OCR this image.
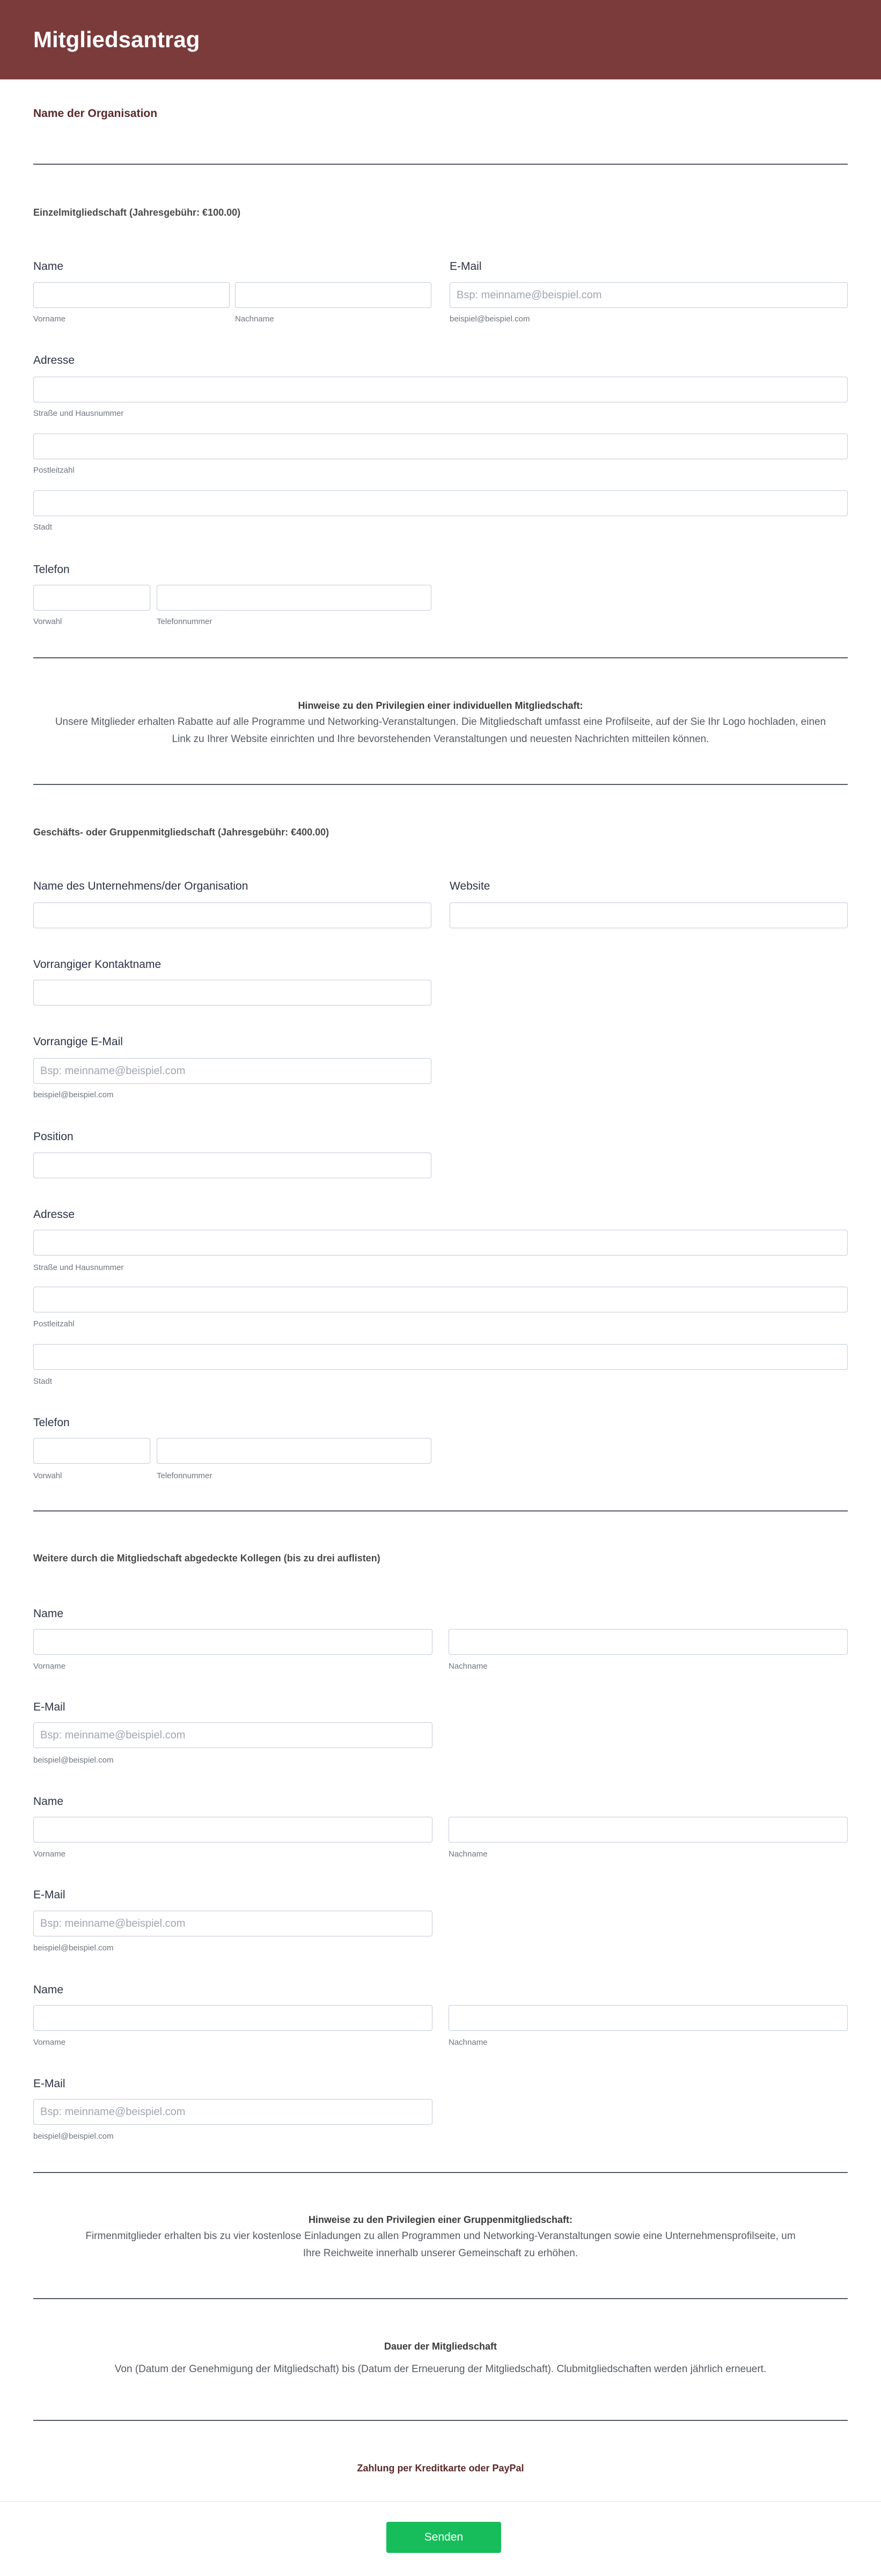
Mitgliedsantrag
Name der Organisation
Einzelmitgliedschaft (Jahresgebühr: €100.00)
Name
Vorname	Nachname
E-Mail
Bsp: meinname@beispiel.com
beispiel@beispiel.com
Adresse
Straße und Hausnummer
Postleitzahl
Stadt
Telefon
Vorwahl	Telefonnummer
Hinweise zu den Privilegien einer individuellen Mitgliedschaft:
Unsere Mitglieder erhalten Rabatte auf alle Programme und Networking-Veranstaltungen. Die Mitgliedschaft umfasst eine Profilseite, auf der Sie Ihr Logo hochladen, einen Link zu Ihrer Website einrichten und Ihre bevorstehenden Veranstaltungen und neuesten Nachrichten mitteilen können.
Geschäfts- oder Gruppenmitgliedschaft (Jahresgebühr: €400.00)
Name des Unternehmens/der Organisation	Website
Vorrangiger Kontaktname
Vorrangige E-Mail
Bsp: meinname@beispiel.com
beispiel@beispiel.com
Position
Adresse
Straße und Hausnummer
Postleitzahl
Stadt
Telefon
Vorwahl	Telefonnummer
Weitere durch die Mitgliedschaft abgedeckte Kollegen (bis zu drei auflisten)
Name
Vorname	Nachname
E-Mail
Bsp: meinname@beispiel.com
beispiel@beispiel.com
Name
Vorname	Nachname
E-Mail
Bsp: meinname@beispiel.com
beispiel@beispiel.com
Name
Vorname	Nachname
E-Mail
Bsp: meinname@beispiel.com
beispiel@beispiel.com
Hinweise zu den Privilegien einer Gruppenmitgliedschaft:
Firmenmitglieder erhalten bis zu vier kostenlose Einladungen zu allen Programmen und Networking-Veranstaltungen sowie eine Unternehmensprofilseite, um Ihre Reichweite innerhalb unserer Gemeinschaft zu erhöhen.
Dauer der Mitgliedschaft
Von (Datum der Genehmigung der Mitgliedschaft) bis (Datum der Erneuerung der Mitgliedschaft). Clubmitgliedschaften werden jährlich erneuert.
Zahlung per Kreditkarte oder PayPal
Senden
